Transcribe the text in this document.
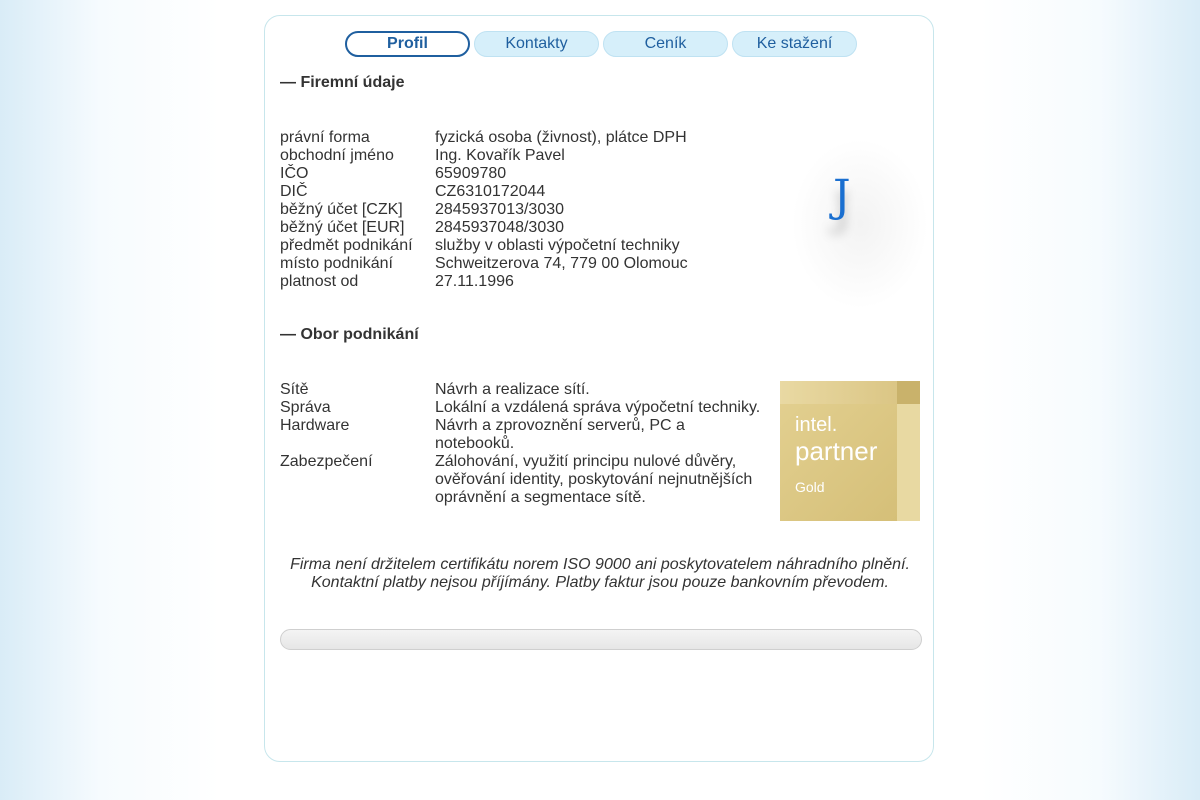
Profil	Kontakty	Ceník	Ke stažení
— Firemní údaje
právní forma	fyzická osoba (živnost), plátce DPH
obchodní jméno	Ing. Kovařík Pavel
IČO	65909780
DIČ	CZ6310172044
běžný účet [CZK]	2845937013/3030
běžný účet [EUR]	2845937048/3030
předmět podnikání	služby v oblasti výpočetní techniky
místo podnikání	Schweitzerova 74, 779 00 Olomouc
platnost od	27.11.1996
J
— Obor podnikání
Sítě	Návrh a realizace sítí.
Správa	Lokální a vzdálená správa výpočetní techniky.
Hardware	Návrh a zprovoznění serverů, PC a notebooků.
Zabezpečení	Zálohování, využití principu nulové důvěry, ověřování identity, poskytování nejnutnějších oprávnění a segmentace sítě.
intel.
partner
Gold
Firma není držitelem certifikátu norem ISO 9000 ani poskytovatelem náhradního plnění.
Kontaktní platby nejsou příjímány. Platby faktur jsou pouze bankovním převodem.
